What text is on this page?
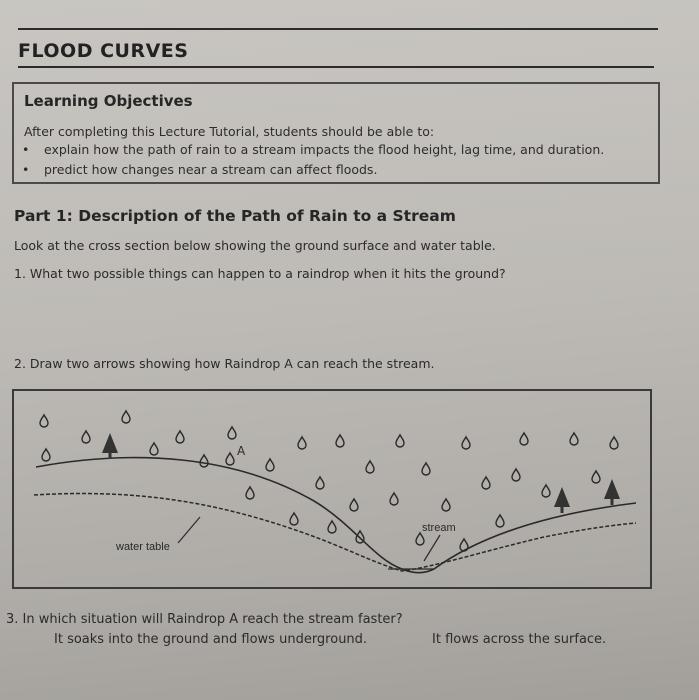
FLOOD CURVES
Learning Objectives
After completing this Lecture Tutorial, students should be able to:
• explain how the path of rain to a stream impacts the flood height, lag time, and duration.
• predict how changes near a stream can affect floods.
Part 1: Description of the Path of Rain to a Stream
Look at the cross section below showing the ground surface and water table.
1. What two possible things can happen to a raindrop when it hits the ground?
2. Draw two arrows showing how Raindrop A can reach the stream.
A
stream
water table
3. In which situation will Raindrop A reach the stream faster?
It soaks into the ground and flows underground.	It flows across the surface.
